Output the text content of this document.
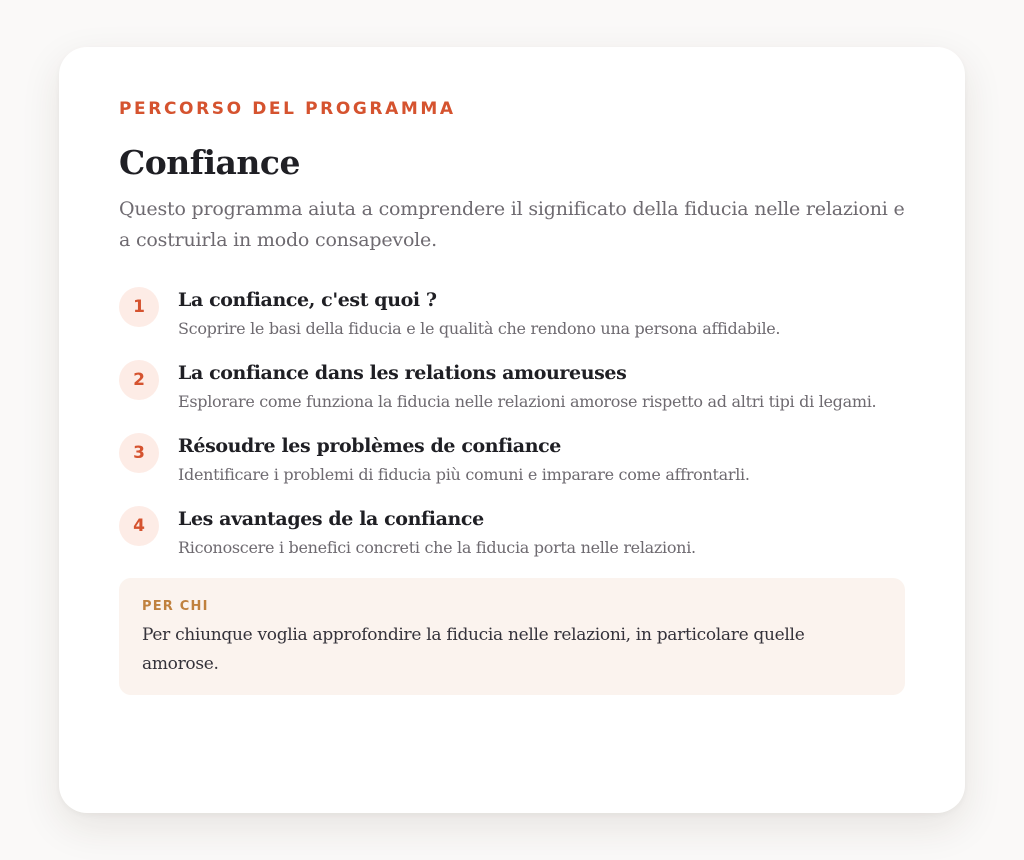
PERCORSO DEL PROGRAMMA

Confiance

Questo programma aiuta a comprendere il significato della fiducia nelle relazioni e a costruirla in modo consapevole.

1	La confiance, c'est quoi ?
Scoprire le basi della fiducia e le qualità che rendono una persona affidabile.
2	La confiance dans les relations amoureuses
Esplorare come funziona la fiducia nelle relazioni amorose rispetto ad altri tipi di legami.
3	Résoudre les problèmes de confiance
Identificare i problemi di fiducia più comuni e imparare come affrontarli.
4	Les avantages de la confiance
Riconoscere i benefici concreti che la fiducia porta nelle relazioni.
PER CHI
Per chiunque voglia approfondire la fiducia nelle relazioni, in particolare quelle amorose.
